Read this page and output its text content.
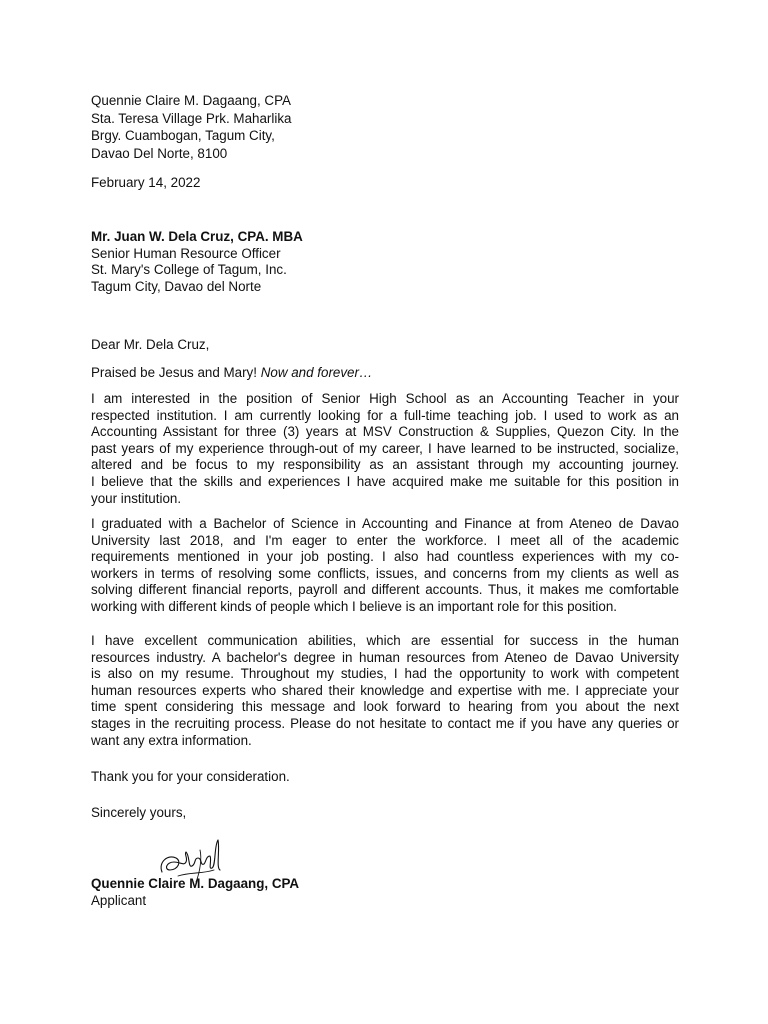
Quennie Claire M. Dagaang, CPA
Sta. Teresa Village Prk. Maharlika
Brgy. Cuambogan, Tagum City,
Davao Del Norte, 8100

February 14, 2022

Mr. Juan W. Dela Cruz, CPA. MBA
Senior Human Resource Officer
St. Mary's College of Tagum, Inc.
Tagum City, Davao del Norte

Dear Mr. Dela Cruz,

Praised be Jesus and Mary! Now and forever…

I am interested in the position of Senior High School as an Accounting Teacher in your
respected institution. I am currently looking for a full-time teaching job. I used to work as an
Accounting Assistant for three (3) years at MSV Construction & Supplies, Quezon City. In the
past years of my experience through-out of my career, I have learned to be instructed, socialize,
altered and be focus to my responsibility as an assistant through my accounting journey.
I believe that the skills and experiences I have acquired make me suitable for this position in
your institution.
I graduated with a Bachelor of Science in Accounting and Finance at from Ateneo de Davao
University last 2018, and I'm eager to enter the workforce. I meet all of the academic
requirements mentioned in your job posting. I also had countless experiences with my co-
workers in terms of resolving some conflicts, issues, and concerns from my clients as well as
solving different financial reports, payroll and different accounts. Thus, it makes me comfortable
working with different kinds of people which I believe is an important role for this position.
I have excellent communication abilities, which are essential for success in the human
resources industry. A bachelor's degree in human resources from Ateneo de Davao University
is also on my resume. Throughout my studies, I had the opportunity to work with competent
human resources experts who shared their knowledge and expertise with me. I appreciate your
time spent considering this message and look forward to hearing from you about the next
stages in the recruiting process. Please do not hesitate to contact me if you have any queries or
want any extra information.

Thank you for your consideration.

Sincerely yours,

Quennie Claire M. Dagaang, CPA
Applicant
